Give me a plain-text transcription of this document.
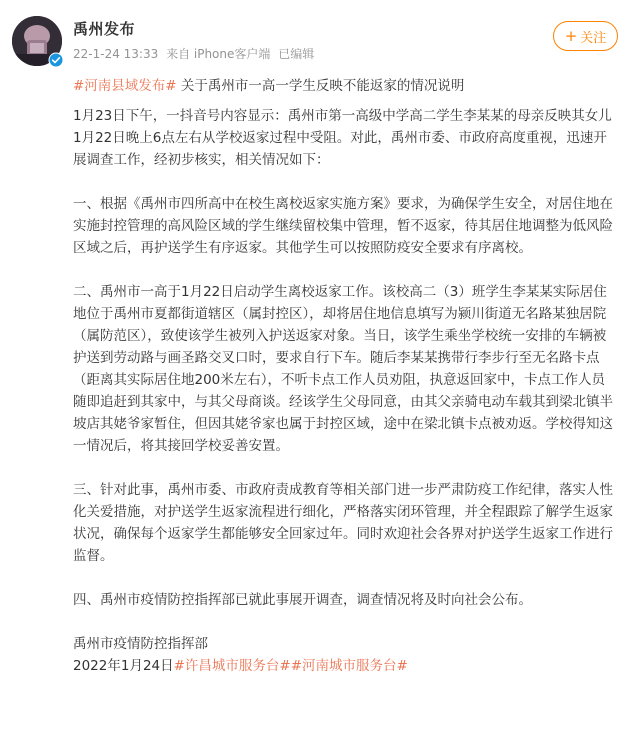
禹州发布
22-1-24 13:33 来自 iPhone客户端 已编辑
+ 关注
#河南县域发布# 关于禹州市一高一学生反映不能返家的情况说明

1月23日下午，一抖音号内容显示：禹州市第一高级中学高二学生李某某的母亲反映其女儿1月22日晚上6点左右从学校返家过程中受阻。对此，禹州市委、市政府高度重视，迅速开展调查工作，经初步核实，相关情况如下：

一、根据《禹州市四所高中在校生离校返家实施方案》要求，为确保学生安全，对居住地在实施封控管理的高风险区域的学生继续留校集中管理，暂不返家，待其居住地调整为低风险区域之后，再护送学生有序返家。其他学生可以按照防疫安全要求有序离校。

二、禹州市一高于1月22日启动学生离校返家工作。该校高二（3）班学生李某某实际居住地位于禹州市夏都街道辖区（属封控区），却将居住地信息填写为颍川街道无名路某独居院（属防范区），致使该学生被列入护送返家对象。当日，该学生乘坐学校统一安排的车辆被护送到劳动路与画圣路交叉口时，要求自行下车。随后李某某携带行李步行至无名路卡点（距离其实际居住地200米左右），不听卡点工作人员劝阻，执意返回家中，卡点工作人员随即追赶到其家中，与其父母商谈。经该学生父母同意，由其父亲骑电动车载其到梁北镇半坡店其姥爷家暂住，但因其姥爷家也属于封控区域，途中在梁北镇卡点被劝返。学校得知这一情况后，将其接回学校妥善安置。

三、针对此事，禹州市委、市政府责成教育等相关部门进一步严肃防疫工作纪律，落实人性化关爱措施，对护送学生返家流程进行细化，严格落实闭环管理，并全程跟踪了解学生返家状况，确保每个返家学生都能够安全回家过年。同时欢迎社会各界对护送学生返家工作进行监督。

四、禹州市疫情防控指挥部已就此事展开调查，调查情况将及时向社会公布。

禹州市疫情防控指挥部

2022年1月24日#许昌城市服务台##河南城市服务台#
